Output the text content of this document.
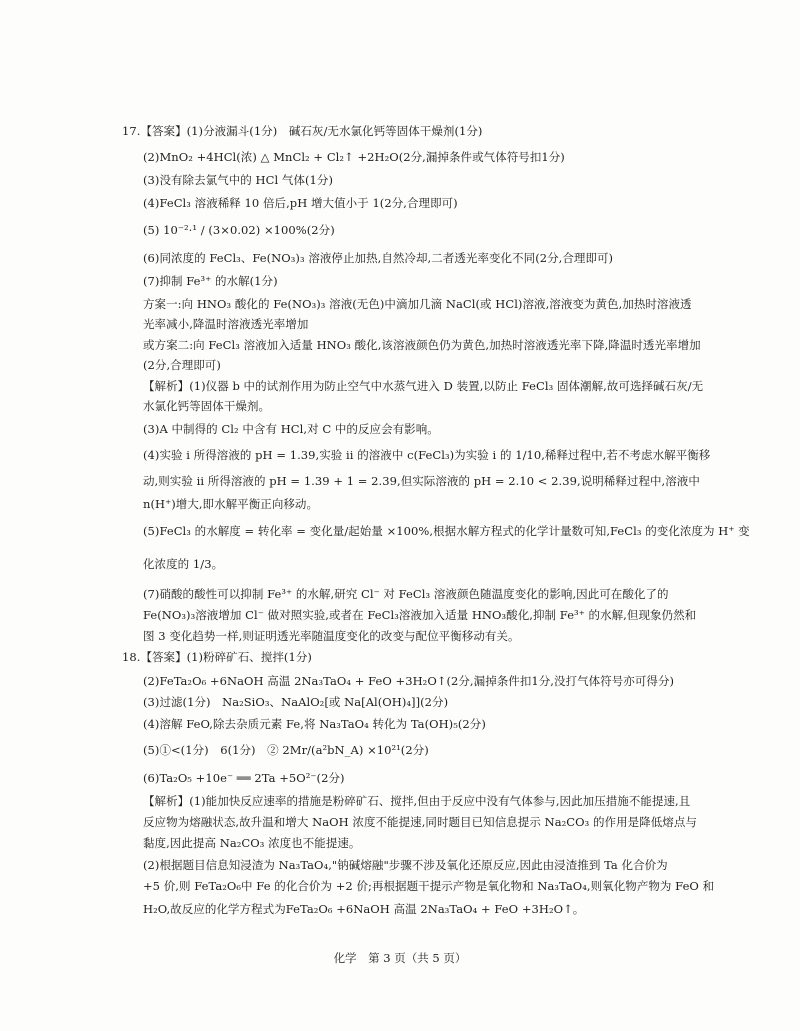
17.【答案】(1)分液漏斗(1分)　碱石灰/无水氯化钙等固体干燥剂(1分)
(2)MnO₂ +4HCl(浓) △ MnCl₂ + Cl₂↑ +2H₂O(2分,漏掉条件或气体符号扣1分)
(3)没有除去氯气中的 HCl 气体(1分)
(4)FeCl₃ 溶液稀释 10 倍后,pH 增大值小于 1(2分,合理即可)
(5) 10⁻²·¹ / (3×0.02) ×100%(2分)
(6)同浓度的 FeCl₃、Fe(NO₃)₃ 溶液停止加热,自然冷却,二者透光率变化不同(2分,合理即可)
(7)抑制 Fe³⁺ 的水解(1分)
方案一:向 HNO₃ 酸化的 Fe(NO₃)₃ 溶液(无色)中滴加几滴 NaCl(或 HCl)溶液,溶液变为黄色,加热时溶液透
光率减小,降温时溶液透光率增加
或方案二:向 FeCl₃ 溶液加入适量 HNO₃ 酸化,该溶液颜色仍为黄色,加热时溶液透光率下降,降温时透光率增加
(2分,合理即可)
【解析】(1)仪器 b 中的试剂作用为防止空气中水蒸气进入 D 装置,以防止 FeCl₃ 固体潮解,故可选择碱石灰/无
水氯化钙等固体干燥剂。
(3)A 中制得的 Cl₂ 中含有 HCl,对 C 中的反应会有影响。
(4)实验 i 所得溶液的 pH = 1.39,实验 ii 的溶液中 c(FeCl₃)为实验 i 的 1/10,稀释过程中,若不考虑水解平衡移
动,则实验 ii 所得溶液的 pH = 1.39 + 1 = 2.39,但实际溶液的 pH = 2.10 < 2.39,说明稀释过程中,溶液中
n(H⁺)增大,即水解平衡正向移动。
(5)FeCl₃ 的水解度 = 转化率 = 变化量/起始量 ×100%,根据水解方程式的化学计量数可知,FeCl₃ 的变化浓度为 H⁺ 变
化浓度的 1/3。
(7)硝酸的酸性可以抑制 Fe³⁺ 的水解,研究 Cl⁻ 对 FeCl₃ 溶液颜色随温度变化的影响,因此可在酸化了的
Fe(NO₃)₃溶液增加 Cl⁻ 做对照实验,或者在 FeCl₃溶液加入适量 HNO₃酸化,抑制 Fe³⁺ 的水解,但现象仍然和
图 3 变化趋势一样,则证明透光率随温度变化的改变与配位平衡移动有关。
18.【答案】(1)粉碎矿石、搅拌(1分)
(2)FeTa₂O₆ +6NaOH 高温 2Na₃TaO₄ + FeO +3H₂O↑(2分,漏掉条件扣1分,没打气体符号亦可得分)
(3)过滤(1分)　Na₂SiO₃、NaAlO₂[或 Na[Al(OH)₄]](2分)
(4)溶解 FeO,除去杂质元素 Fe,将 Na₃TaO₄ 转化为 Ta(OH)₅(2分)
(5)①<(1分)　6(1分)　② 2Mr/(a²bN_A) ×10²¹(2分)
(6)Ta₂O₅ +10e⁻ ══ 2Ta +5O²⁻(2分)
【解析】(1)能加快反应速率的措施是粉碎矿石、搅拌,但由于反应中没有气体参与,因此加压措施不能提速,且
反应物为熔融状态,故升温和增大 NaOH 浓度不能提速,同时题目已知信息提示 Na₂CO₃ 的作用是降低熔点与
黏度,因此提高 Na₂CO₃ 浓度也不能提速。
(2)根据题目信息知浸渣为 Na₃TaO₄,"钠碱熔融"步骤不涉及氧化还原反应,因此由浸渣推到 Ta 化合价为
+5 价,则 FeTa₂O₆中 Fe 的化合价为 +2 价;再根据题干提示产物是氧化物和 Na₃TaO₄,则氧化物产物为 FeO 和
H₂O,故反应的化学方程式为FeTa₂O₆ +6NaOH 高温 2Na₃TaO₄ + FeO +3H₂O↑。
化学　第 3 页（共 5 页）
